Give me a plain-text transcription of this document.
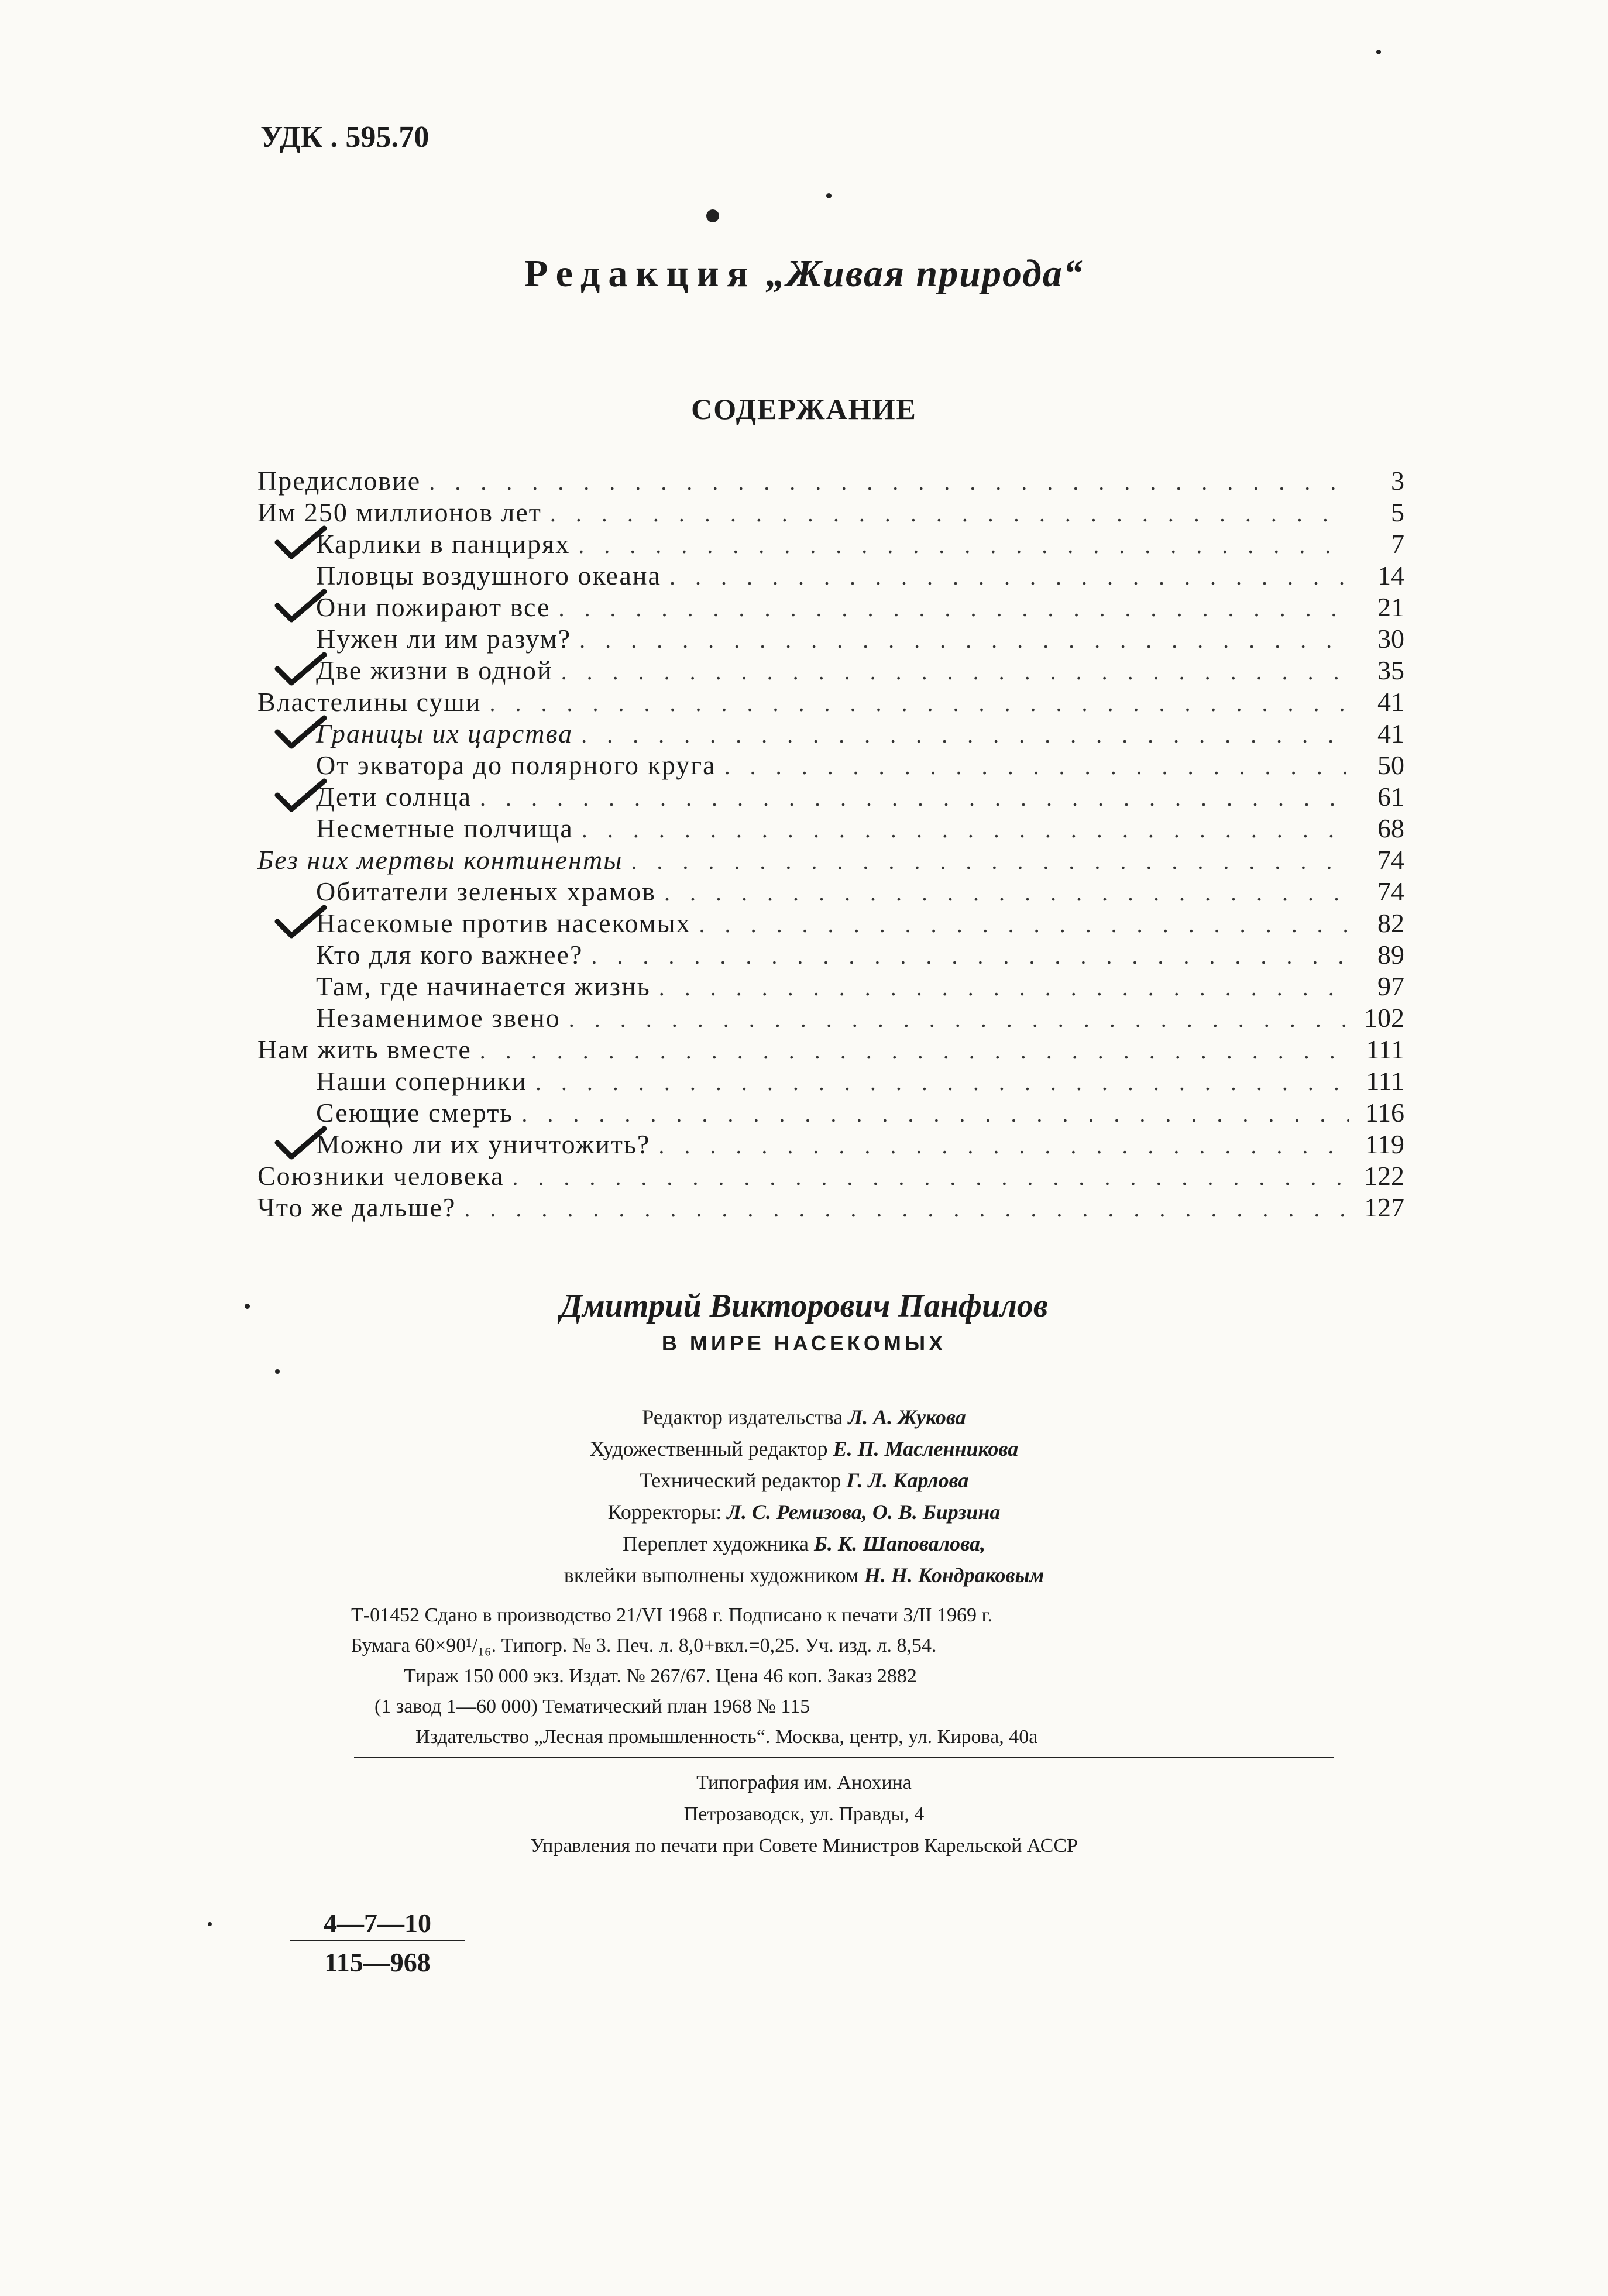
УДК . 595.70
Редакция „Живая природа“
СОДЕРЖАНИЕ
Предисловие . . .	3
Им 250 миллионов лет . . .	5
Карлики в панцирях . . .	7
Пловцы воздушного океана . . .	14
Они пожирают все . . .	21
Нужен ли им разум? . . .	30
Две жизни в одной . . .	35
Властелины суши . . .	41
Границы их царства . . .	41
От экватора до полярного круга . . .	50
Дети солнца . . .	61
Несметные полчища . . .	68
Без них мертвы континенты . . .	74
Обитатели зеленых храмов . . .	74
Насекомые против насекомых . . .	82
Кто для кого важнее? . . .	89
Там, где начинается жизнь . . .	97
Незаменимое звено . . .	102
Нам жить вместе . . .	111
Наши соперники . . .	111
Сеющие смерть . . .	116
Можно ли их уничтожить? . . .	119
Союзники человека . . .	122
Что же дальше? . . .	127
Дмитрий Викторович Панфилов
В МИРЕ НАСЕКОМЫХ
Редактор издательства Л. А. Жукова
Художественный редактор Е. П. Масленникова
Технический редактор Г. Л. Карлова
Корректоры: Л. С. Ремизова, О. В. Бирзина
Переплет художника Б. К. Шаповалова,
вклейки выполнены художником Н. Н. Кондраковым
Т-01452 Сдано в производство 21/VI 1968 г. Подписано к печати 3/II 1969 г.
Бумага 60×90¹/₁₆. Типогр. № 3. Печ. л. 8,0+вкл.=0,25. Уч. изд. л. 8,54.
Тираж 150 000 экз. Издат. № 267/67. Цена 46 коп. Заказ 2882
(1 завод 1—60 000) Тематический план 1968 № 115
Издательство „Лесная промышленность“. Москва, центр, ул. Кирова, 40а
Типография им. Анохина
Петрозаводск, ул. Правды, 4
Управления по печати при Совете Министров Карельской АССР
4—7—10
115—968
